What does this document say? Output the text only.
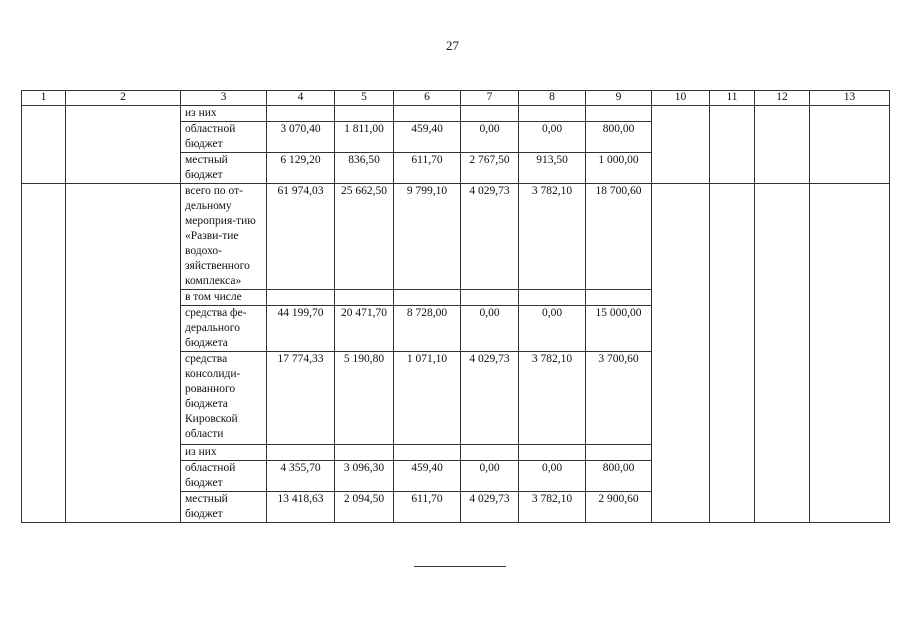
27
1	2	3	4	5	6	7	8	9	10	11	12	13
		из них										
		областной бюджет	3 070,40	1 811,00	459,40	0,00	0,00	800,00				
		местный бюджет	6 129,20	836,50	611,70	2 767,50	913,50	1 000,00				
		всего по от-дельному мероприя-тию «Разви-тие водохо-зяйственного комплекса»	61 974,03	25 662,50	9 799,10	4 029,73	3 782,10	18 700,60				
		в том числе										
		средства фе-дерального бюджета	44 199,70	20 471,70	8 728,00	0,00	0,00	15 000,00				
		средства консолиди-рованного бюджета Кировской области	17 774,33	5 190,80	1 071,10	4 029,73	3 782,10	3 700,60				
		из них										
		областной бюджет	4 355,70	3 096,30	459,40	0,00	0,00	800,00				
		местный бюджет	13 418,63	2 094,50	611,70	4 029,73	3 782,10	2 900,60				
